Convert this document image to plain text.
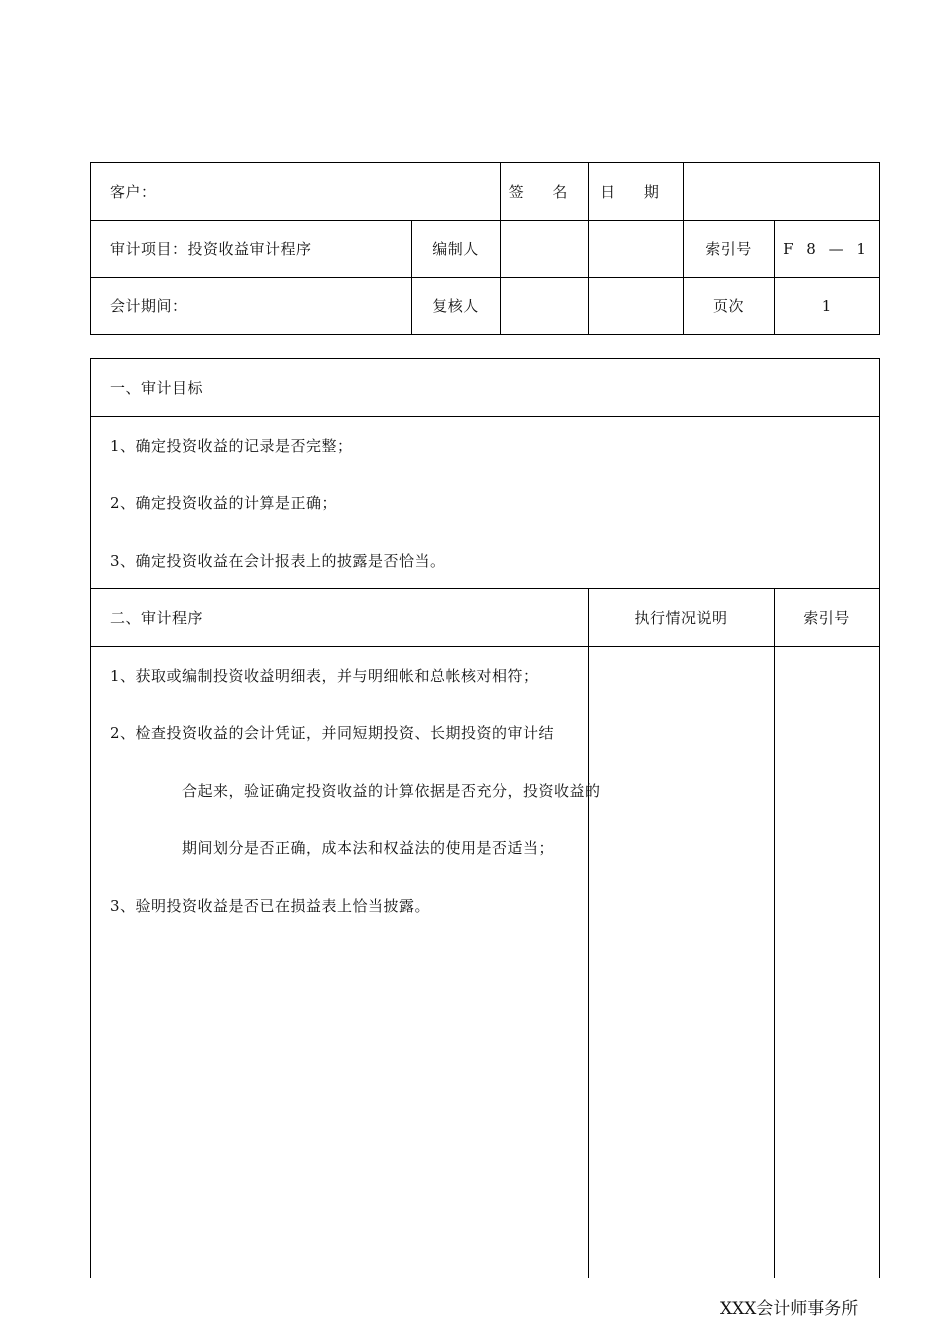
客户：	签 名	日 期
审计项目：投资收益审计程序	编制人	索引号	F 8 — 1
会计期间：	复核人	页次	1
一、审计目标
1、确定投资收益的记录是否完整；
2、确定投资收益的计算是正确；
3、确定投资收益在会计报表上的披露是否恰当。
二、审计程序	执行情况说明	索引号
1、获取或编制投资收益明细表，并与明细帐和总帐核对相符；
2、检查投资收益的会计凭证，并同短期投资、长期投资的审计结
合起来，验证确定投资收益的计算依据是否充分，投资收益的
期间划分是否正确，成本法和权益法的使用是否适当；
3、验明投资收益是否已在损益表上恰当披露。
XXX会计师事务所
